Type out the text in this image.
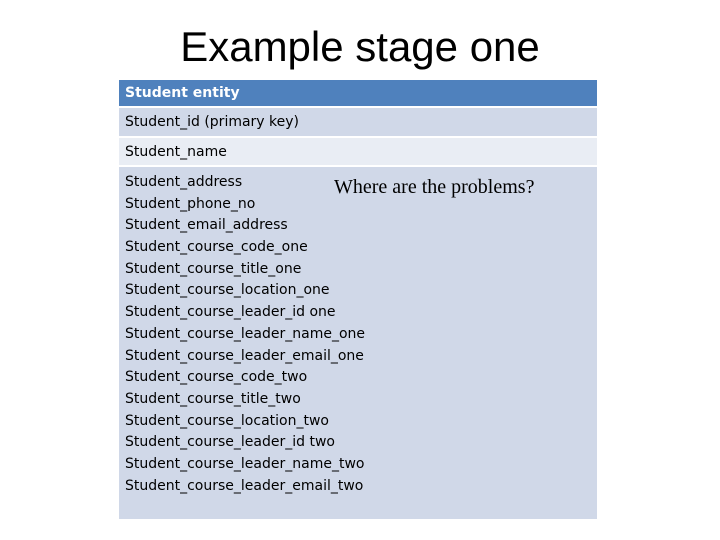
Example stage one
Student entity
Student_id (primary key)
Student_name
Student_address
Student_phone_no
Student_email_address
Student_course_code_one
Student_course_title_one
Student_course_location_one
Student_course_leader_id one
Student_course_leader_name_one
Student_course_leader_email_one
Student_course_code_two
Student_course_title_two
Student_course_location_two
Student_course_leader_id two
Student_course_leader_name_two
Student_course_leader_email_two
Where are the problems?
